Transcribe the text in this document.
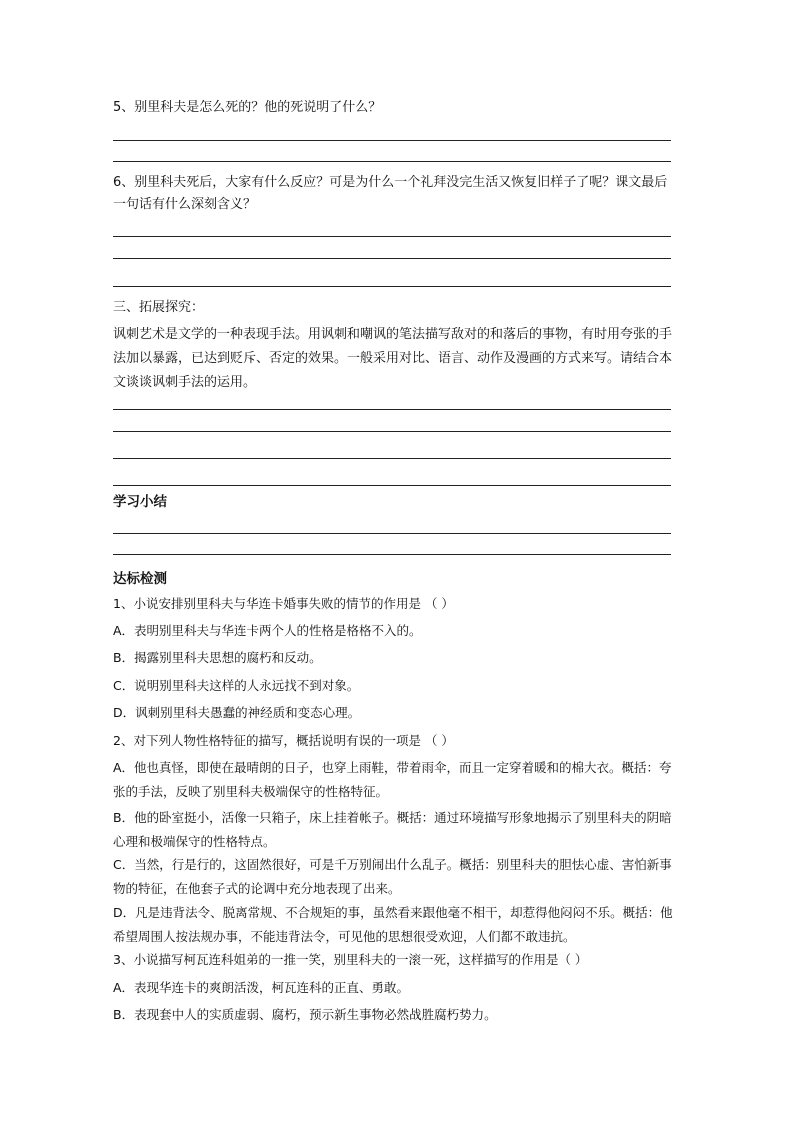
5、别里科夫是怎么死的？他的死说明了什么？
6、别里科夫死后，大家有什么反应？可是为什么一个礼拜没完生活又恢复旧样子了呢？课文最后一句话有什么深刻含义？
三、拓展探究：
讽刺艺术是文学的一种表现手法。用讽刺和嘲讽的笔法描写敌对的和落后的事物，有时用夸张的手法加以暴露，已达到贬斥、否定的效果。一般采用对比、语言、动作及漫画的方式来写。请结合本文谈谈讽刺手法的运用。
学习小结
达标检测
1、小说安排别里科夫与华连卡婚事失败的情节的作用是 （ ）
A．表明别里科夫与华连卡两个人的性格是格格不入的。
B．揭露别里科夫思想的腐朽和反动。
C．说明别里科夫这样的人永远找不到对象。
D．讽刺别里科夫愚蠢的神经质和变态心理。
2、对下列人物性格特征的描写，概括说明有误的一项是 （ ）
A．他也真怪，即使在最晴朗的日子，也穿上雨鞋，带着雨伞，而且一定穿着暖和的棉大衣。概括：夸张的手法，反映了别里科夫极端保守的性格特征。
B．他的卧室挺小，活像一只箱子，床上挂着帐子。概括：通过环境描写形象地揭示了别里科夫的阴暗心理和极端保守的性格特点。
C．当然，行是行的，这固然很好，可是千万别闹出什么乱子。概括：别里科夫的胆怯心虚、害怕新事物的特征，在他套子式的论调中充分地表现了出来。
D．凡是违背法令、脱离常规、不合规矩的事，虽然看来跟他毫不相干，却惹得他闷闷不乐。概括：他希望周围人按法规办事，不能违背法令，可见他的思想很受欢迎，人们都不敢违抗。
3、小说描写柯瓦连科姐弟的一推一笑，别里科夫的一滚一死，这样描写的作用是（ ）
A．表现华连卡的爽朗活泼，柯瓦连科的正直、勇敢。
B．表现套中人的实质虚弱、腐朽，预示新生事物必然战胜腐朽势力。
